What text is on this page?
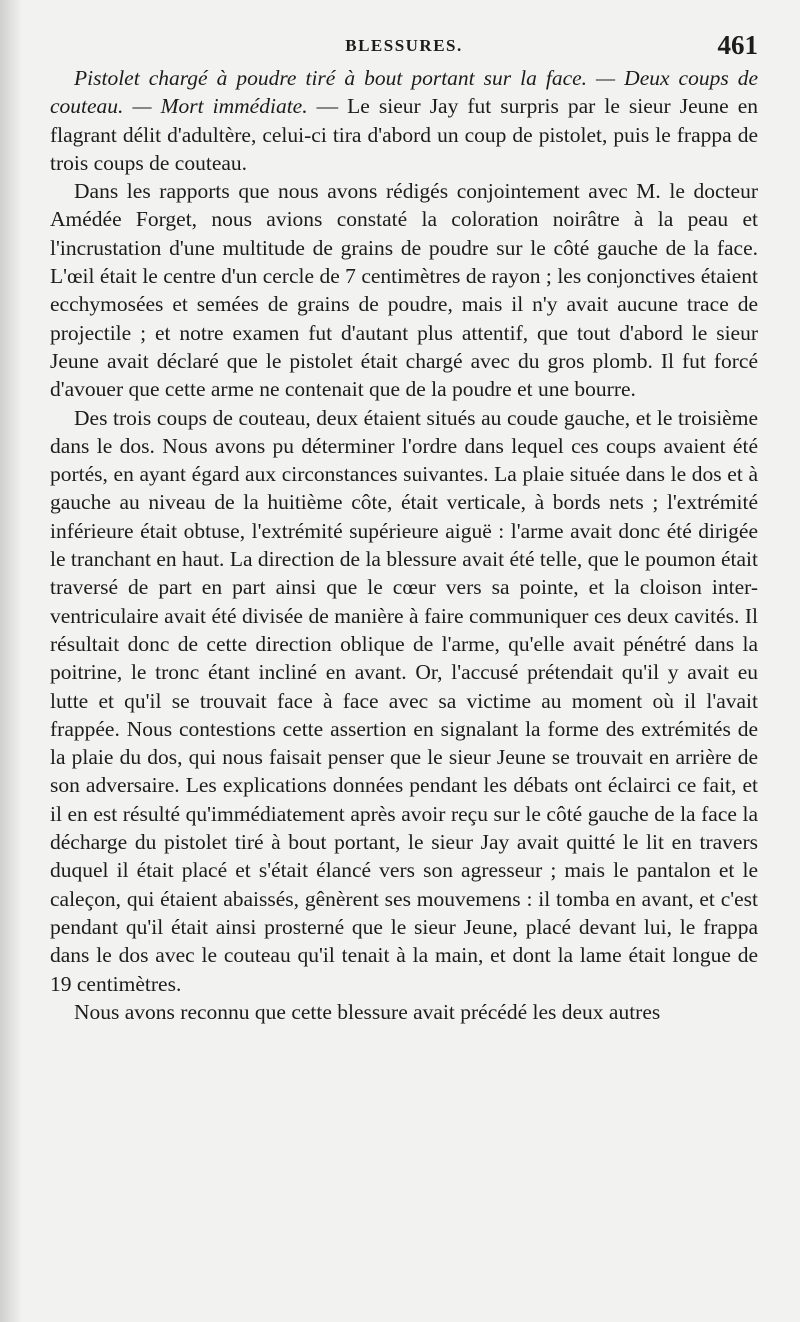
BLESSURES.	461

Pistolet chargé à poudre tiré à bout portant sur la face. — Deux coups de couteau. — Mort immédiate. — Le sieur Jay fut surpris par le sieur Jeune en flagrant délit d'adultère, celui-ci tira d'abord un coup de pistolet, puis le frappa de trois coups de couteau.

Dans les rapports que nous avons rédigés conjointement avec M. le docteur Amédée Forget, nous avions constaté la coloration noirâtre à la peau et l'incrustation d'une multitude de grains de poudre sur le côté gauche de la face. L'œil était le centre d'un cercle de 7 centimètres de rayon ; les conjonctives étaient ecchymosées et semées de grains de poudre, mais il n'y avait aucune trace de projectile ; et notre examen fut d'autant plus attentif, que tout d'abord le sieur Jeune avait déclaré que le pistolet était chargé avec du gros plomb. Il fut forcé d'avouer que cette arme ne contenait que de la poudre et une bourre.

Des trois coups de couteau, deux étaient situés au coude gauche, et le troisième dans le dos. Nous avons pu déterminer l'ordre dans lequel ces coups avaient été portés, en ayant égard aux circonstances suivantes. La plaie située dans le dos et à gauche au niveau de la huitième côte, était verticale, à bords nets ; l'extrémité inférieure était obtuse, l'extrémité supérieure aiguë : l'arme avait donc été dirigée le tranchant en haut. La direction de la blessure avait été telle, que le poumon était traversé de part en part ainsi que le cœur vers sa pointe, et la cloison inter-ventriculaire avait été divisée de manière à faire communiquer ces deux cavités. Il résultait donc de cette direction oblique de l'arme, qu'elle avait pénétré dans la poitrine, le tronc étant incliné en avant. Or, l'accusé prétendait qu'il y avait eu lutte et qu'il se trouvait face à face avec sa victime au moment où il l'avait frappée. Nous contestions cette assertion en signalant la forme des extrémités de la plaie du dos, qui nous faisait penser que le sieur Jeune se trouvait en arrière de son adversaire. Les explications données pendant les débats ont éclairci ce fait, et il en est résulté qu'immédiatement après avoir reçu sur le côté gauche de la face la décharge du pistolet tiré à bout portant, le sieur Jay avait quitté le lit en travers duquel il était placé et s'était élancé vers son agresseur ; mais le pantalon et le caleçon, qui étaient abaissés, gênèrent ses mouvemens : il tomba en avant, et c'est pendant qu'il était ainsi prosterné que le sieur Jeune, placé devant lui, le frappa dans le dos avec le couteau qu'il tenait à la main, et dont la lame était longue de 19 centimètres.

Nous avons reconnu que cette blessure avait précédé les deux autres
